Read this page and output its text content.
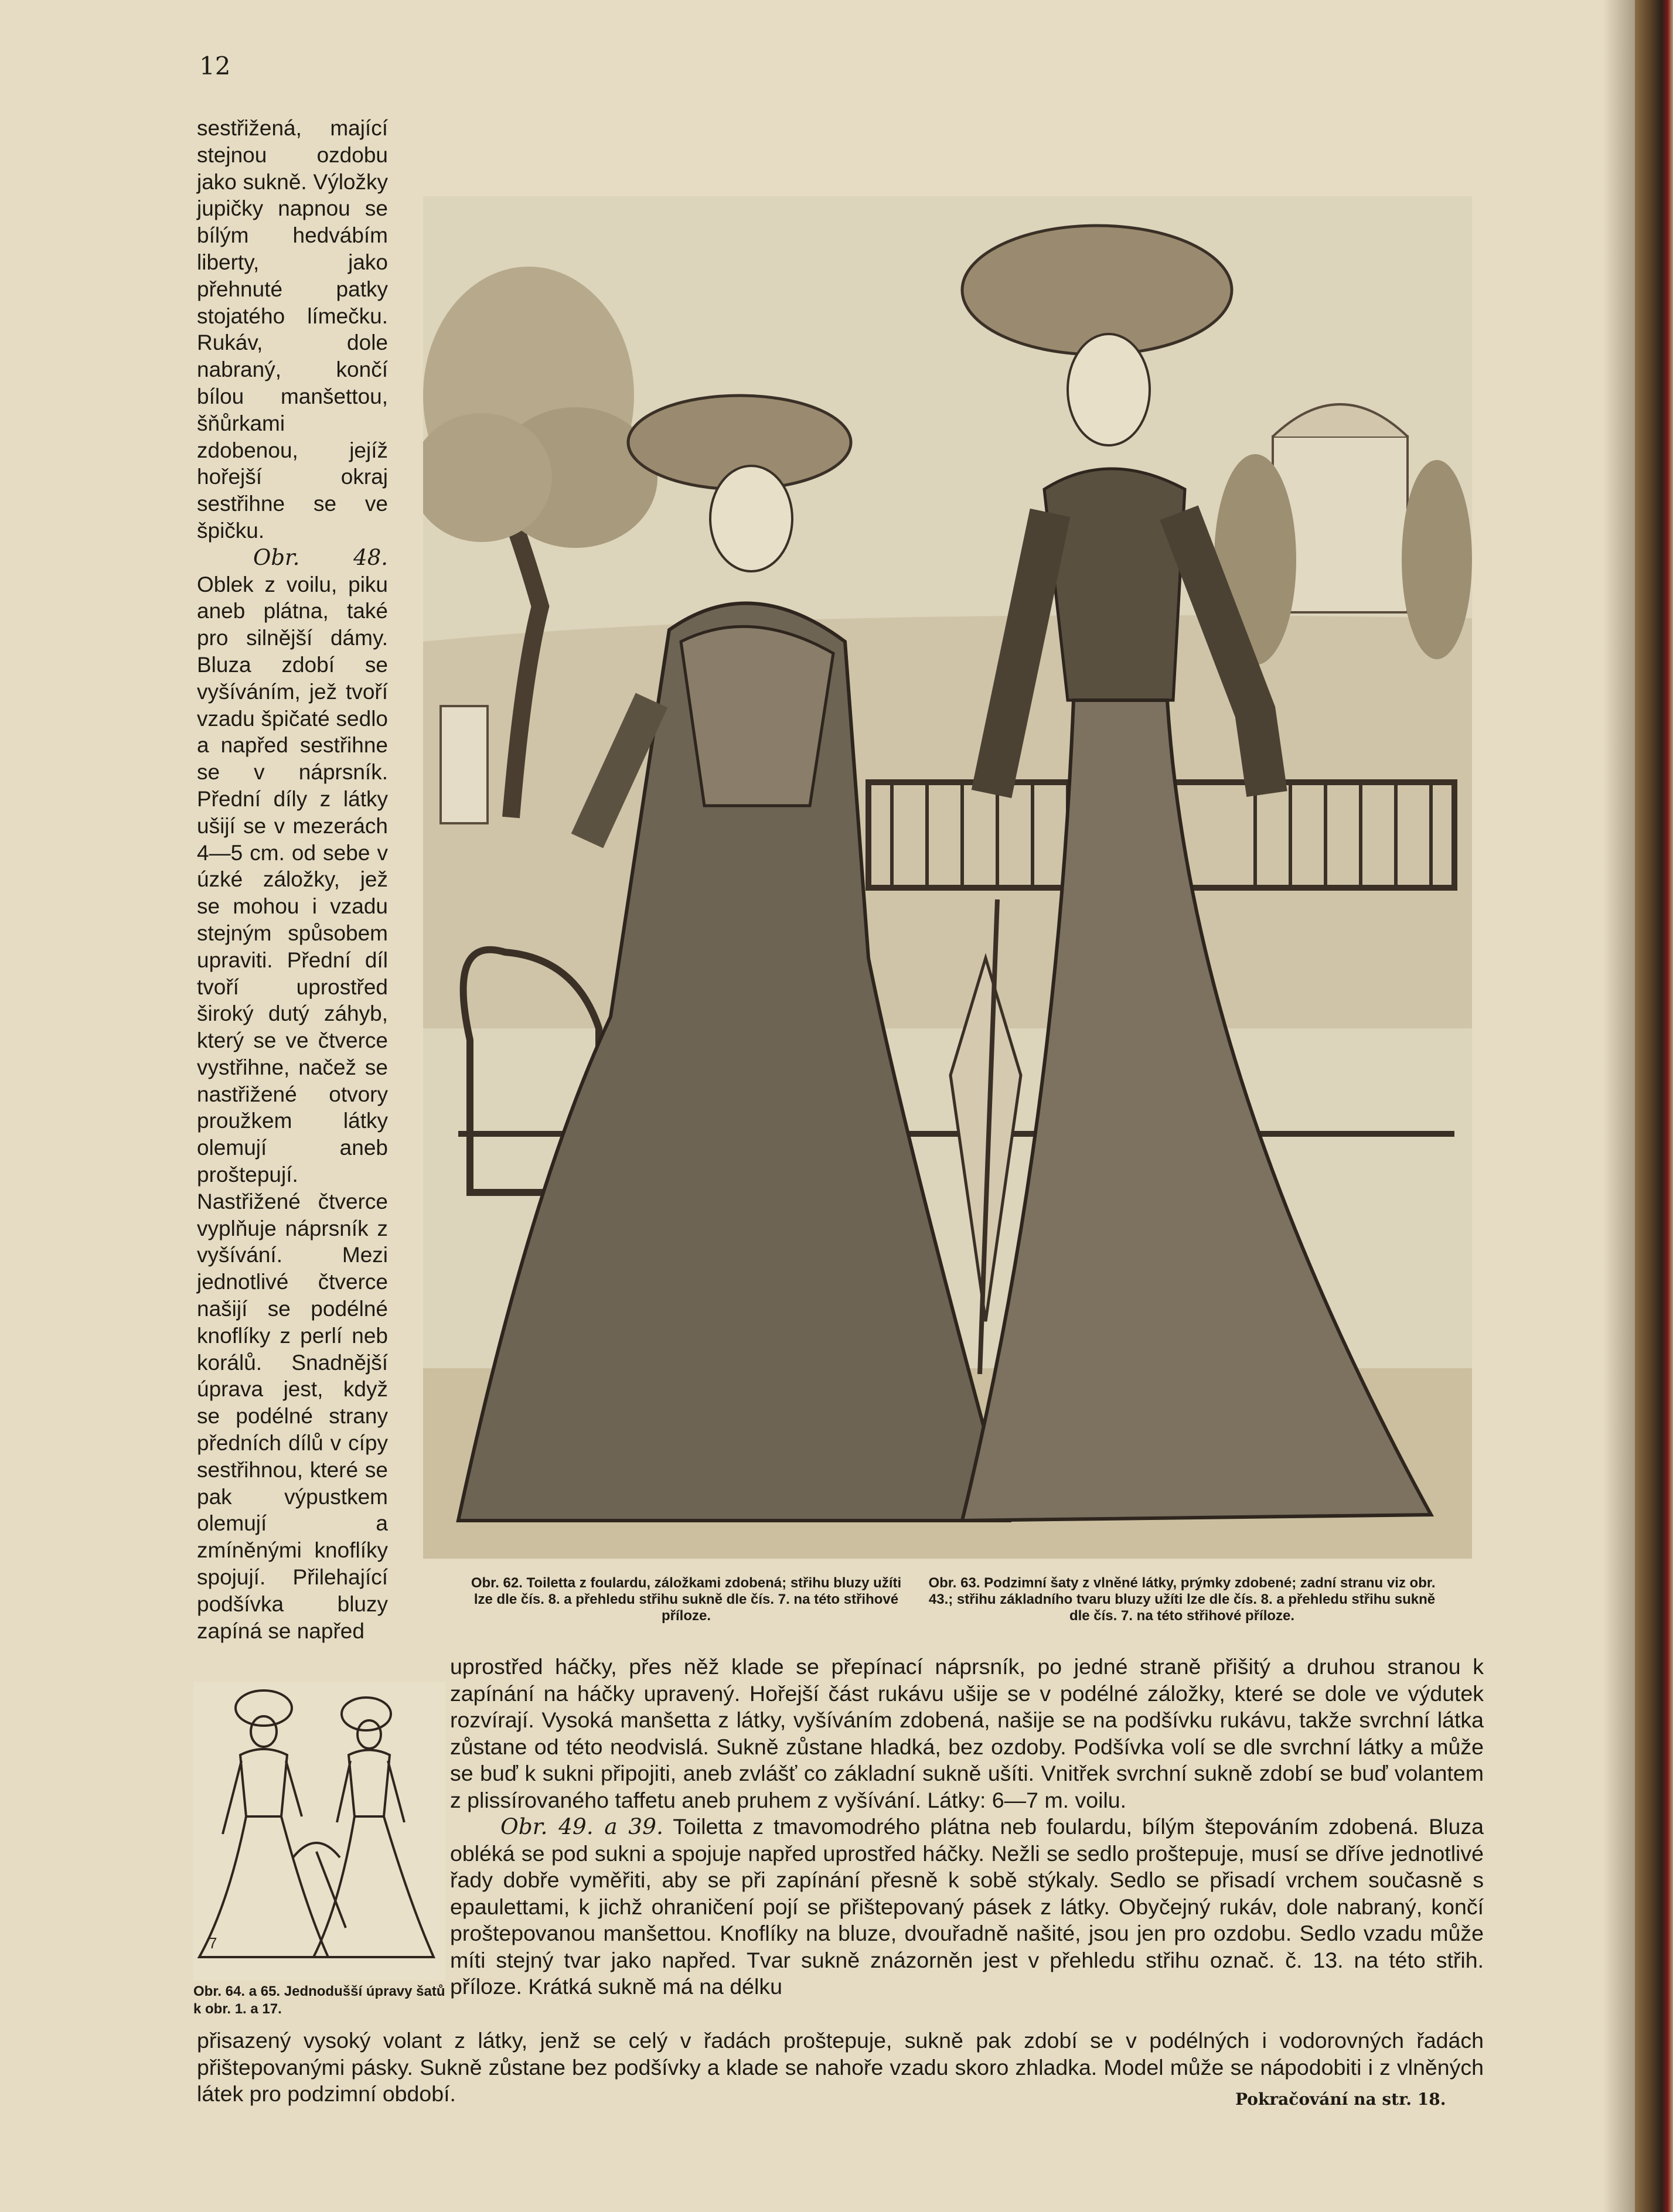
12

sestřižená, mající stejnou ozdobu jako sukně. Výložky jupičky napnou se bílým hedvábím liberty, jako přehnuté patky stojatého límečku. Rukáv, dole nabraný, končí bílou manšettou, šňůrkami zdobenou, jejíž hořejší okraj sestřihne se ve špičku.

Obr. 48. Oblek z voilu, piku aneb plátna, také pro silnější dámy. Bluza zdobí se vyšíváním, jež tvoří vzadu špičaté sedlo a napřed sestřihne se v náprsník. Přední díly z látky ušijí se v mezerách 4—5 cm. od sebe v úzké záložky, jež se mohou i vzadu stejným spůsobem upraviti. Přední díl tvoří uprostřed široký dutý záhyb, který se ve čtverce vystřihne, načež se nastřižené otvory proužkem látky olemují aneb proštepují. Nastřižené čtverce vyplňuje náprsník z vyšívání. Mezi jednotlivé čtverce našijí se podélné knoflíky z perlí neb korálů. Snadnější úprava jest, když se podélné strany předních dílů v cípy sestřihnou, které se pak výpustkem olemují a zmíněnými knoflíky spojují. Přilehající podšívka bluzy zapíná se napřed

Obr. 62. Toiletta z foulardu, záložkami zdobená; střihu bluzy užíti lze dle čís. 8. a přehledu střihu sukně dle čís. 7. na této střihové příloze.
Obr. 63. Podzimní šaty z vlněné látky, prýmky zdobené; zadní stranu viz obr. 43.; střihu základního tvaru bluzy užíti lze dle čís. 8. a přehledu střihu sukně dle čís. 7. na této střihové příloze.
7
Obr. 64. a 65. Jednodušší úpravy šatů k obr. 1. a 17.

uprostřed háčky, přes něž klade se přepínací náprsník, po jedné straně přišitý a druhou stranou k zapínání na háčky upravený. Hořejší část rukávu ušije se v podélné záložky, které se dole ve výdutek rozvírají. Vysoká manšetta z látky, vyšíváním zdobená, našije se na podšívku rukávu, takže svrchní látka zůstane od této neodvislá. Sukně zůstane hladká, bez ozdoby. Podšívka volí se dle svrchní látky a může se buď k sukni připojiti, aneb zvlášť co základní sukně ušíti. Vnitřek svrchní sukně zdobí se buď volantem z plissírovaného taffetu aneb pruhem z vyšívání. Látky: 6—7 m. voilu.

Obr. 49. a 39. Toiletta z tmavomodrého plátna neb foulardu, bílým štepováním zdobená. Bluza obléká se pod sukni a spojuje napřed uprostřed háčky. Nežli se sedlo proštepuje, musí se dříve jednotlivé řady dobře vyměřiti, aby se při zapínání přesně k sobě stýkaly. Sedlo se přisadí vrchem současně s epaulettami, k jichž ohraničení pojí se přištepovaný pásek z látky. Obyčejný rukáv, dole nabraný, končí proštepovanou manšettou. Knoflíky na bluze, dvouřadně našité, jsou jen pro ozdobu. Sedlo vzadu může míti stejný tvar jako napřed. Tvar sukně znázorněn jest v přehledu střihu označ. č. 13. na této střih. příloze. Krátká sukně má na délku

přisazený vysoký volant z látky, jenž se celý v řadách proštepuje, sukně pak zdobí se v podélných i vodorovných řadách přištepovanými pásky. Sukně zůstane bez podšívky a klade se nahoře vzadu skoro zhladka. Model může se nápodobiti i z vlněných látek pro podzimní období.	Pokračování na str. 18.
